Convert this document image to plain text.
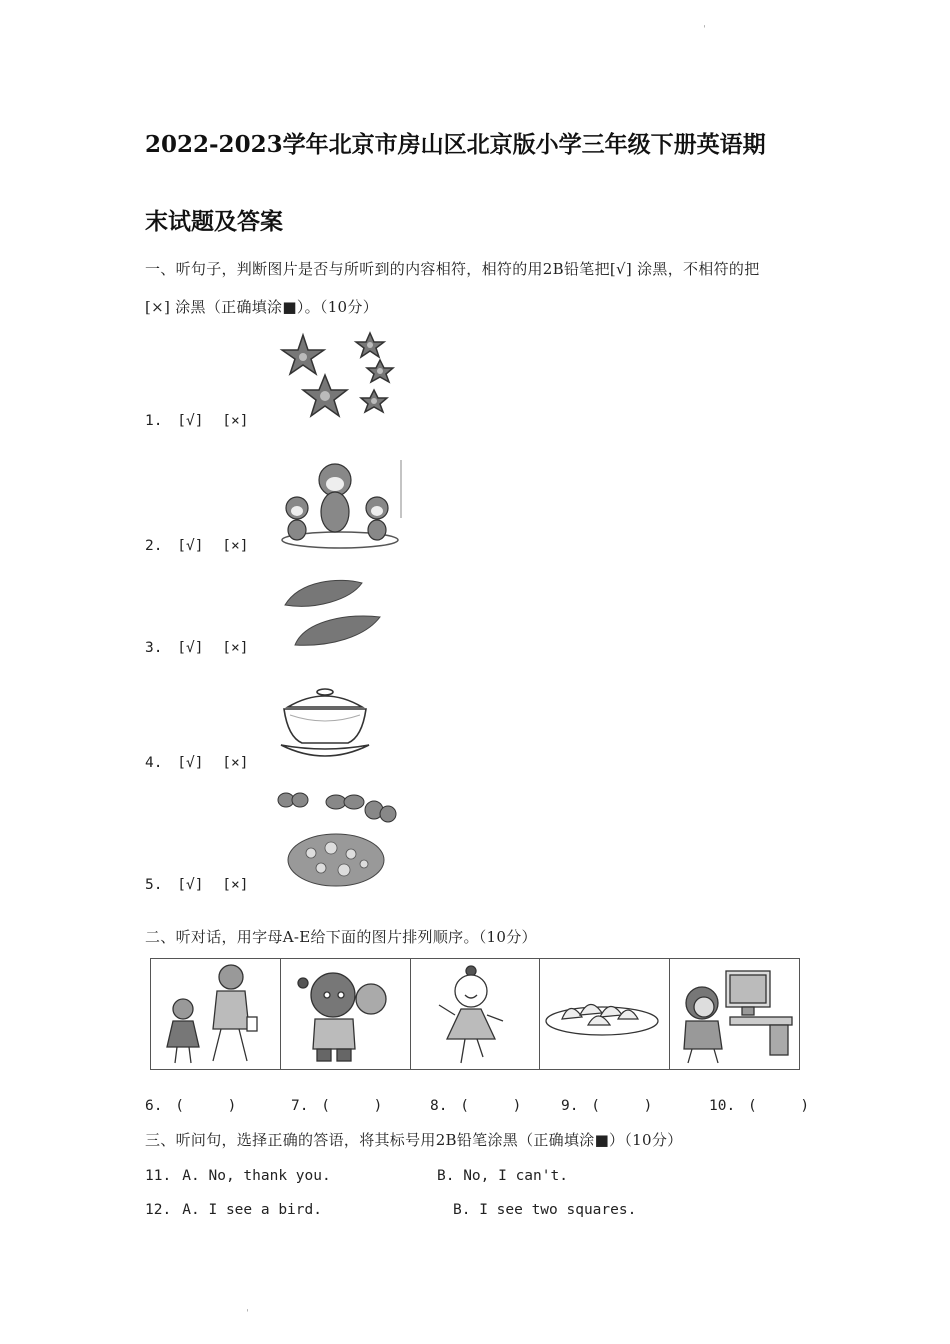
ˌ
2022-2023学年北京市房山区北京版小学三年级下册英语期
末试题及答案
一、听句子，判断图片是否与所听到的内容相符，相符的用2B铅笔把[√] 涂黑，不相符的把
[×] 涂黑（正确填涂■）。（10分）
1. [√] [×]
2. [√] [×]
3. [√] [×]
4. [√] [×]
5. [√] [×]
二、听对话，用字母A-E给下面的图片排列顺序。（10分）
6. (     )	7. (     )	8. (     )	9. (     )	10. (     )
三、听问句，选择正确的答语，将其标号用2B铅笔涂黑（正确填涂■）（10分）
11. A. No, thank you.	B. No, I can't.
12. A. I see a bird.	B. I see two squares.
ˌ
